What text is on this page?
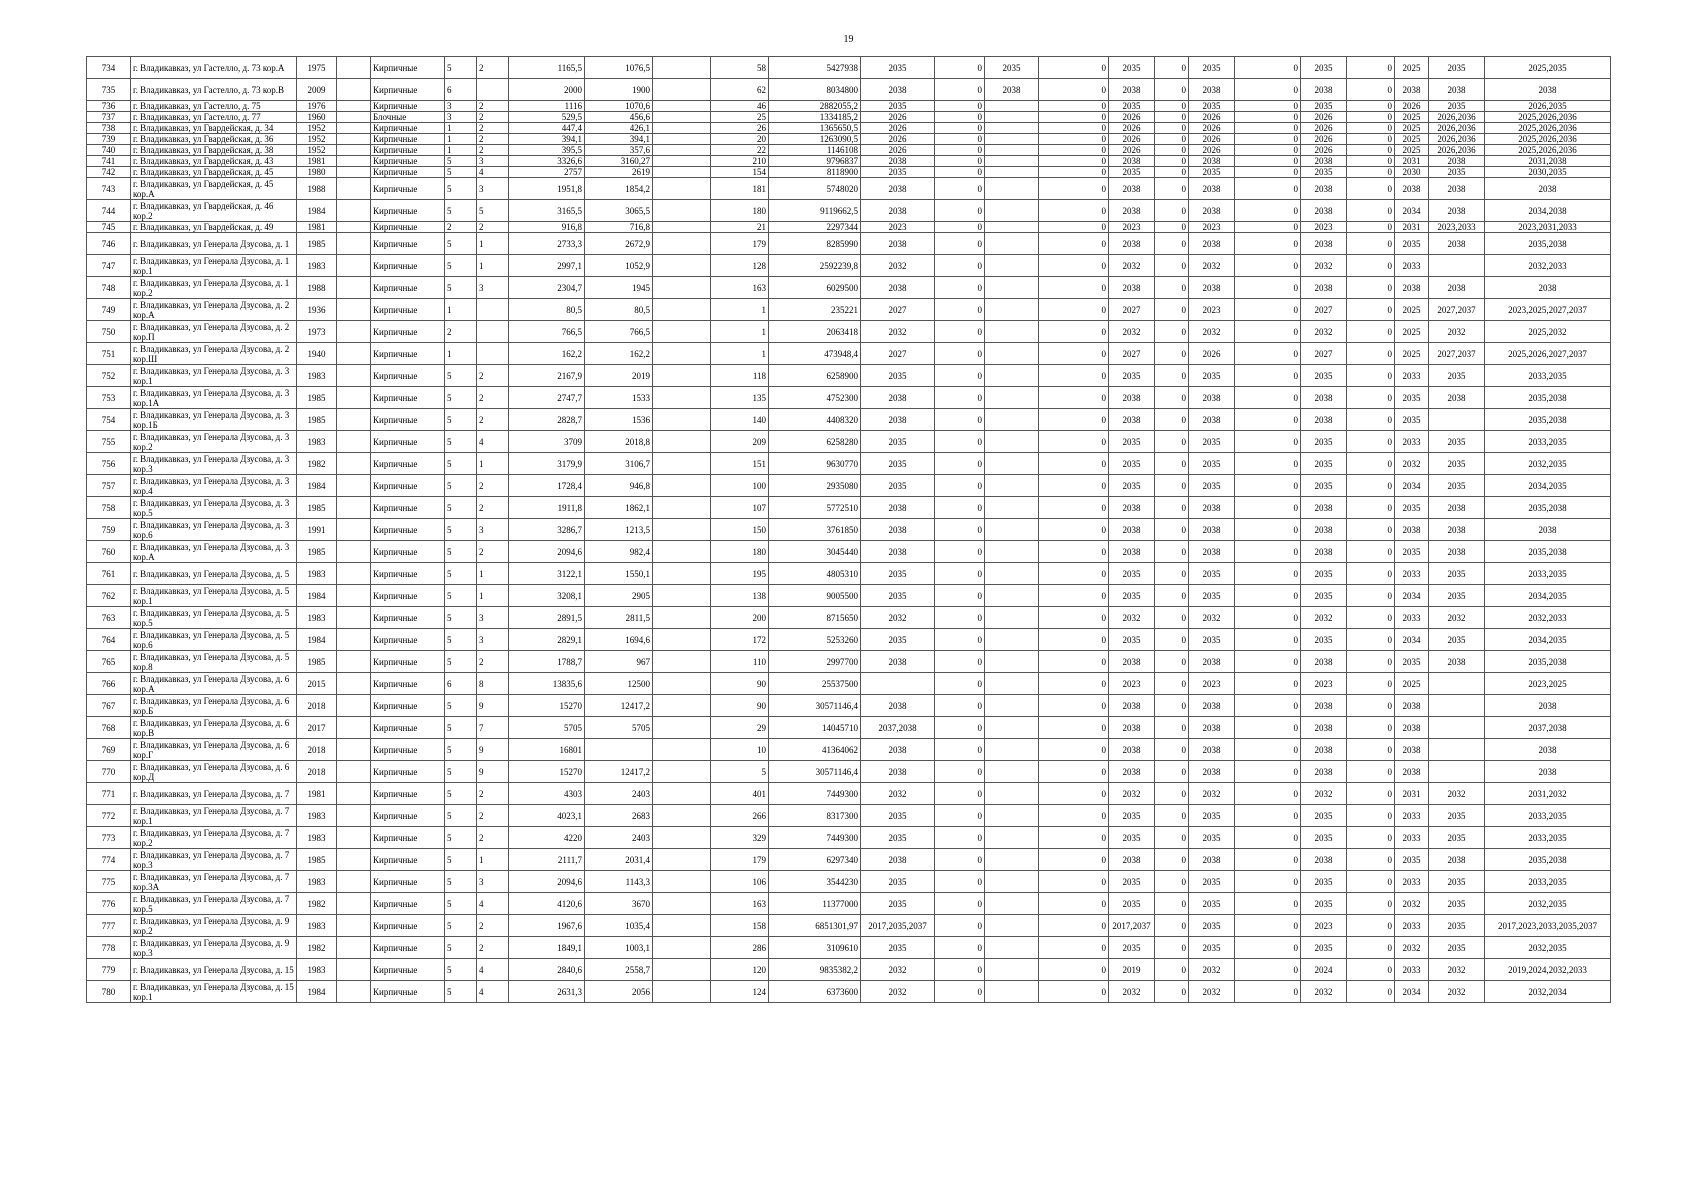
19
734	г. Владикавказ, ул Гастелло, д. 73 кор.А	1975		Кирпичные	5	2	1165,5	1076,5		58	5427938	2035	0	2035	0	2035	0	2035	0	2035	0	2025	2035	2025,2035
735	г. Владикавказ, ул Гастелло, д. 73 кор.В	2009		Кирпичные	6		2000	1900		62	8034800	2038	0	2038	0	2038	0	2038	0	2038	0	2038	2038	2038
736	г. Владикавказ, ул Гастелло, д. 75	1976		Кирпичные	3	2	1116	1070,6		46	2882055,2	2035	0		0	2035	0	2035	0	2035	0	2026	2035	2026,2035
737	г. Владикавказ, ул Гастелло, д. 77	1960		Блочные	3	2	529,5	456,6		25	1334185,2	2026	0		0	2026	0	2026	0	2026	0	2025	2026,2036	2025,2026,2036
738	г. Владикавказ, ул Гвардейская, д. 34	1952		Кирпичные	1	2	447,4	426,1		26	1365650,5	2026	0		0	2026	0	2026	0	2026	0	2025	2026,2036	2025,2026,2036
739	г. Владикавказ, ул Гвардейская, д. 36	1952		Кирпичные	1	2	394,1	394,1		20	1263090,5	2026	0		0	2026	0	2026	0	2026	0	2025	2026,2036	2025,2026,2036
740	г. Владикавказ, ул Гвардейская, д. 38	1952		Кирпичные	1	2	395,5	357,6		22	1146108	2026	0		0	2026	0	2026	0	2026	0	2025	2026,2036	2025,2026,2036
741	г. Владикавказ, ул Гвардейская, д. 43	1981		Кирпичные	5	3	3326,6	3160,27		210	9796837	2038	0		0	2038	0	2038	0	2038	0	2031	2038	2031,2038
742	г. Владикавказ, ул Гвардейская, д. 45	1980		Кирпичные	5	4	2757	2619		154	8118900	2035	0		0	2035	0	2035	0	2035	0	2030	2035	2030,2035
743	г. Владикавказ, ул Гвардейская, д. 45 кор.А	1988		Кирпичные	5	3	1951,8	1854,2		181	5748020	2038	0		0	2038	0	2038	0	2038	0	2038	2038	2038
744	г. Владикавказ, ул Гвардейская, д. 46 кор.2	1984		Кирпичные	5	5	3165,5	3065,5		180	9119662,5	2038	0		0	2038	0	2038	0	2038	0	2034	2038	2034,2038
745	г. Владикавказ, ул Гвардейская, д. 49	1981		Кирпичные	2	2	916,8	716,8		21	2297344	2023	0		0	2023	0	2023	0	2023	0	2031	2023,2033	2023,2031,2033
746	г. Владикавказ, ул Генерала Дзусова, д. 1	1985		Кирпичные	5	1	2733,3	2672,9		179	8285990	2038	0		0	2038	0	2038	0	2038	0	2035	2038	2035,2038
747	г. Владикавказ, ул Генерала Дзусова, д. 1 кор.1	1983		Кирпичные	5	1	2997,1	1052,9		128	2592239,8	2032	0		0	2032	0	2032	0	2032	0	2033		2032,2033
748	г. Владикавказ, ул Генерала Дзусова, д. 1 кор.2	1988		Кирпичные	5	3	2304,7	1945		163	6029500	2038	0		0	2038	0	2038	0	2038	0	2038	2038	2038
749	г. Владикавказ, ул Генерала Дзусова, д. 2 кор.А	1936		Кирпичные	1		80,5	80,5		1	235221	2027	0		0	2027	0	2023	0	2027	0	2025	2027,2037	2023,2025,2027,2037
750	г. Владикавказ, ул Генерала Дзусова, д. 2 кор.П	1973		Кирпичные	2		766,5	766,5		1	2063418	2032	0		0	2032	0	2032	0	2032	0	2025	2032	2025,2032
751	г. Владикавказ, ул Генерала Дзусова, д. 2 кор.Ш	1940		Кирпичные	1		162,2	162,2		1	473948,4	2027	0		0	2027	0	2026	0	2027	0	2025	2027,2037	2025,2026,2027,2037
752	г. Владикавказ, ул Генерала Дзусова, д. 3 кор.1	1983		Кирпичные	5	2	2167,9	2019		118	6258900	2035	0		0	2035	0	2035	0	2035	0	2033	2035	2033,2035
753	г. Владикавказ, ул Генерала Дзусова, д. 3 кор.1А	1985		Кирпичные	5	2	2747,7	1533		135	4752300	2038	0		0	2038	0	2038	0	2038	0	2035	2038	2035,2038
754	г. Владикавказ, ул Генерала Дзусова, д. 3 кор.1Б	1985		Кирпичные	5	2	2828,7	1536		140	4408320	2038	0		0	2038	0	2038	0	2038	0	2035		2035,2038
755	г. Владикавказ, ул Генерала Дзусова, д. 3 кор.2	1983		Кирпичные	5	4	3709	2018,8		209	6258280	2035	0		0	2035	0	2035	0	2035	0	2033	2035	2033,2035
756	г. Владикавказ, ул Генерала Дзусова, д. 3 кор.3	1982		Кирпичные	5	1	3179,9	3106,7		151	9630770	2035	0		0	2035	0	2035	0	2035	0	2032	2035	2032,2035
757	г. Владикавказ, ул Генерала Дзусова, д. 3 кор.4	1984		Кирпичные	5	2	1728,4	946,8		100	2935080	2035	0		0	2035	0	2035	0	2035	0	2034	2035	2034,2035
758	г. Владикавказ, ул Генерала Дзусова, д. 3 кор.5	1985		Кирпичные	5	2	1911,8	1862,1		107	5772510	2038	0		0	2038	0	2038	0	2038	0	2035	2038	2035,2038
759	г. Владикавказ, ул Генерала Дзусова, д. 3 кор.6	1991		Кирпичные	5	3	3286,7	1213,5		150	3761850	2038	0		0	2038	0	2038	0	2038	0	2038	2038	2038
760	г. Владикавказ, ул Генерала Дзусова, д. 3 кор.А	1985		Кирпичные	5	2	2094,6	982,4		180	3045440	2038	0		0	2038	0	2038	0	2038	0	2035	2038	2035,2038
761	г. Владикавказ, ул Генерала Дзусова, д. 5	1983		Кирпичные	5	1	3122,1	1550,1		195	4805310	2035	0		0	2035	0	2035	0	2035	0	2033	2035	2033,2035
762	г. Владикавказ, ул Генерала Дзусова, д. 5 кор.1	1984		Кирпичные	5	1	3208,1	2905		138	9005500	2035	0		0	2035	0	2035	0	2035	0	2034	2035	2034,2035
763	г. Владикавказ, ул Генерала Дзусова, д. 5 кор.5	1983		Кирпичные	5	3	2891,5	2811,5		200	8715650	2032	0		0	2032	0	2032	0	2032	0	2033	2032	2032,2033
764	г. Владикавказ, ул Генерала Дзусова, д. 5 кор.6	1984		Кирпичные	5	3	2829,1	1694,6		172	5253260	2035	0		0	2035	0	2035	0	2035	0	2034	2035	2034,2035
765	г. Владикавказ, ул Генерала Дзусова, д. 5 кор.8	1985		Кирпичные	5	2	1788,7	967		110	2997700	2038	0		0	2038	0	2038	0	2038	0	2035	2038	2035,2038
766	г. Владикавказ, ул Генерала Дзусова, д. 6 кор.А	2015		Кирпичные	6	8	13835,6	12500		90	25537500		0		0	2023	0	2023	0	2023	0	2025		2023,2025
767	г. Владикавказ, ул Генерала Дзусова, д. 6 кор.Б	2018		Кирпичные	5	9	15270	12417,2		90	30571146,4	2038	0		0	2038	0	2038	0	2038	0	2038		2038
768	г. Владикавказ, ул Генерала Дзусова, д. 6 кор.В	2017		Кирпичные	5	7	5705	5705		29	14045710	2037,2038	0		0	2038	0	2038	0	2038	0	2038		2037,2038
769	г. Владикавказ, ул Генерала Дзусова, д. 6 кор.Г	2018		Кирпичные	5	9	16801			10	41364062	2038	0		0	2038	0	2038	0	2038	0	2038		2038
770	г. Владикавказ, ул Генерала Дзусова, д. 6 кор.Д	2018		Кирпичные	5	9	15270	12417,2		5	30571146,4	2038	0		0	2038	0	2038	0	2038	0	2038		2038
771	г. Владикавказ, ул Генерала Дзусова, д. 7	1981		Кирпичные	5	2	4303	2403		401	7449300	2032	0		0	2032	0	2032	0	2032	0	2031	2032	2031,2032
772	г. Владикавказ, ул Генерала Дзусова, д. 7 кор.1	1983		Кирпичные	5	2	4023,1	2683		266	8317300	2035	0		0	2035	0	2035	0	2035	0	2033	2035	2033,2035
773	г. Владикавказ, ул Генерала Дзусова, д. 7 кор.2	1983		Кирпичные	5	2	4220	2403		329	7449300	2035	0		0	2035	0	2035	0	2035	0	2033	2035	2033,2035
774	г. Владикавказ, ул Генерала Дзусова, д. 7 кор.3	1985		Кирпичные	5	1	2111,7	2031,4		179	6297340	2038	0		0	2038	0	2038	0	2038	0	2035	2038	2035,2038
775	г. Владикавказ, ул Генерала Дзусова, д. 7 кор.3А	1983		Кирпичные	5	3	2094,6	1143,3		106	3544230	2035	0		0	2035	0	2035	0	2035	0	2033	2035	2033,2035
776	г. Владикавказ, ул Генерала Дзусова, д. 7 кор.5	1982		Кирпичные	5	4	4120,6	3670		163	11377000	2035	0		0	2035	0	2035	0	2035	0	2032	2035	2032,2035
777	г. Владикавказ, ул Генерала Дзусова, д. 9 кор.2	1983		Кирпичные	5	2	1967,6	1035,4		158	6851301,97	2017,2035,2037	0		0	2017,2037	0	2035	0	2023	0	2033	2035	2017,2023,2033,2035,2037
778	г. Владикавказ, ул Генерала Дзусова, д. 9 кор.3	1982		Кирпичные	5	2	1849,1	1003,1		286	3109610	2035	0		0	2035	0	2035	0	2035	0	2032	2035	2032,2035
779	г. Владикавказ, ул Генерала Дзусова, д. 15	1983		Кирпичные	5	4	2840,6	2558,7		120	9835382,2	2032	0		0	2019	0	2032	0	2024	0	2033	2032	2019,2024,2032,2033
780	г. Владикавказ, ул Генерала Дзусова, д. 15 кор.1	1984		Кирпичные	5	4	2631,3	2056		124	6373600	2032	0		0	2032	0	2032	0	2032	0	2034	2032	2032,2034
